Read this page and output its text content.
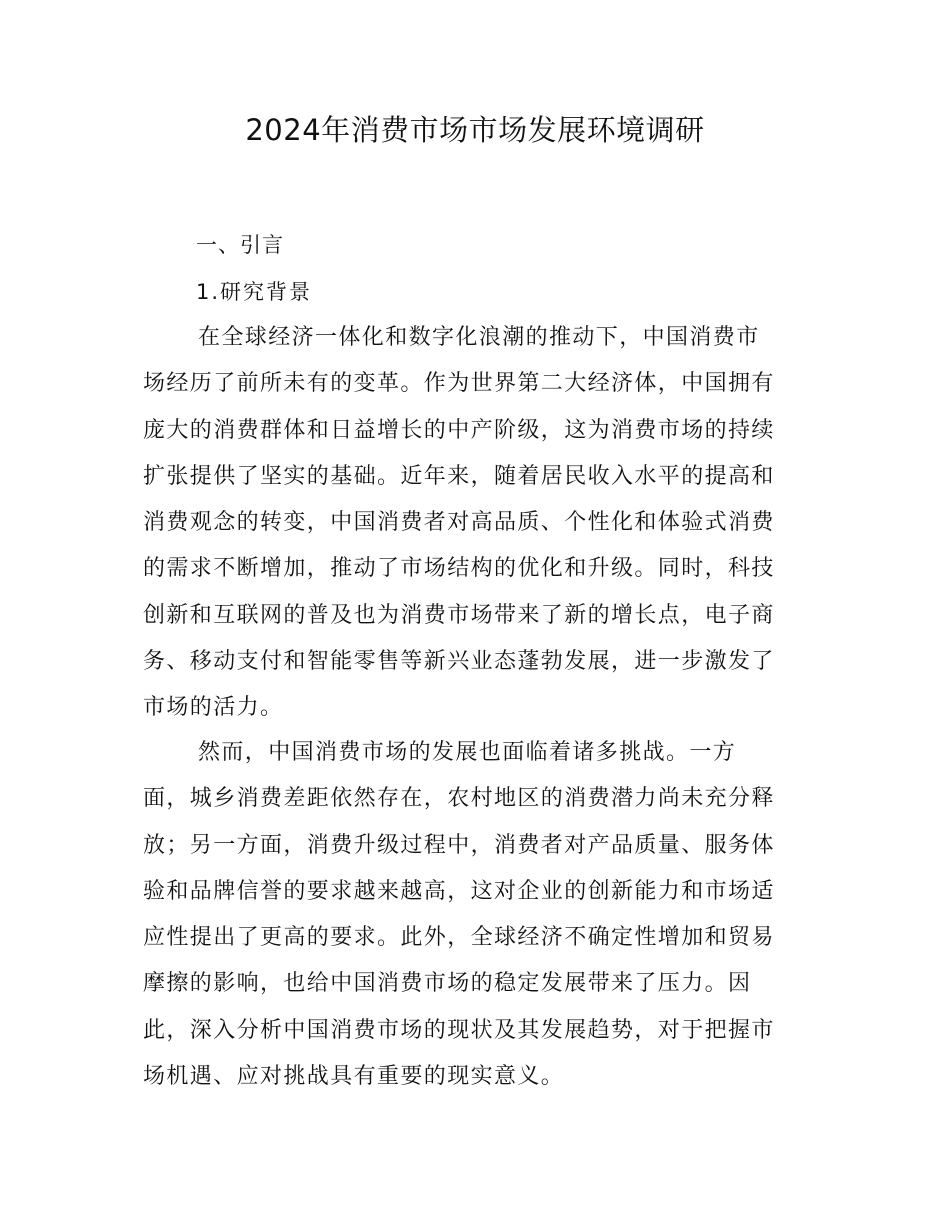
2024年消费市场市场发展环境调研
一、引言
1.研究背景
在全球经济一体化和数字化浪潮的推动下，中国消费市
场经历了前所未有的变革。作为世界第二大经济体，中国拥有
庞大的消费群体和日益增长的中产阶级，这为消费市场的持续
扩张提供了坚实的基础。近年来，随着居民收入水平的提高和
消费观念的转变，中国消费者对高品质、个性化和体验式消费
的需求不断增加，推动了市场结构的优化和升级。同时，科技
创新和互联网的普及也为消费市场带来了新的增长点，电子商
务、移动支付和智能零售等新兴业态蓬勃发展，进一步激发了
市场的活力。
然而，中国消费市场的发展也面临着诸多挑战。一方
面，城乡消费差距依然存在，农村地区的消费潜力尚未充分释
放；另一方面，消费升级过程中，消费者对产品质量、服务体
验和品牌信誉的要求越来越高，这对企业的创新能力和市场适
应性提出了更高的要求。此外，全球经济不确定性增加和贸易
摩擦的影响，也给中国消费市场的稳定发展带来了压力。因
此，深入分析中国消费市场的现状及其发展趋势，对于把握市
场机遇、应对挑战具有重要的现实意义。
